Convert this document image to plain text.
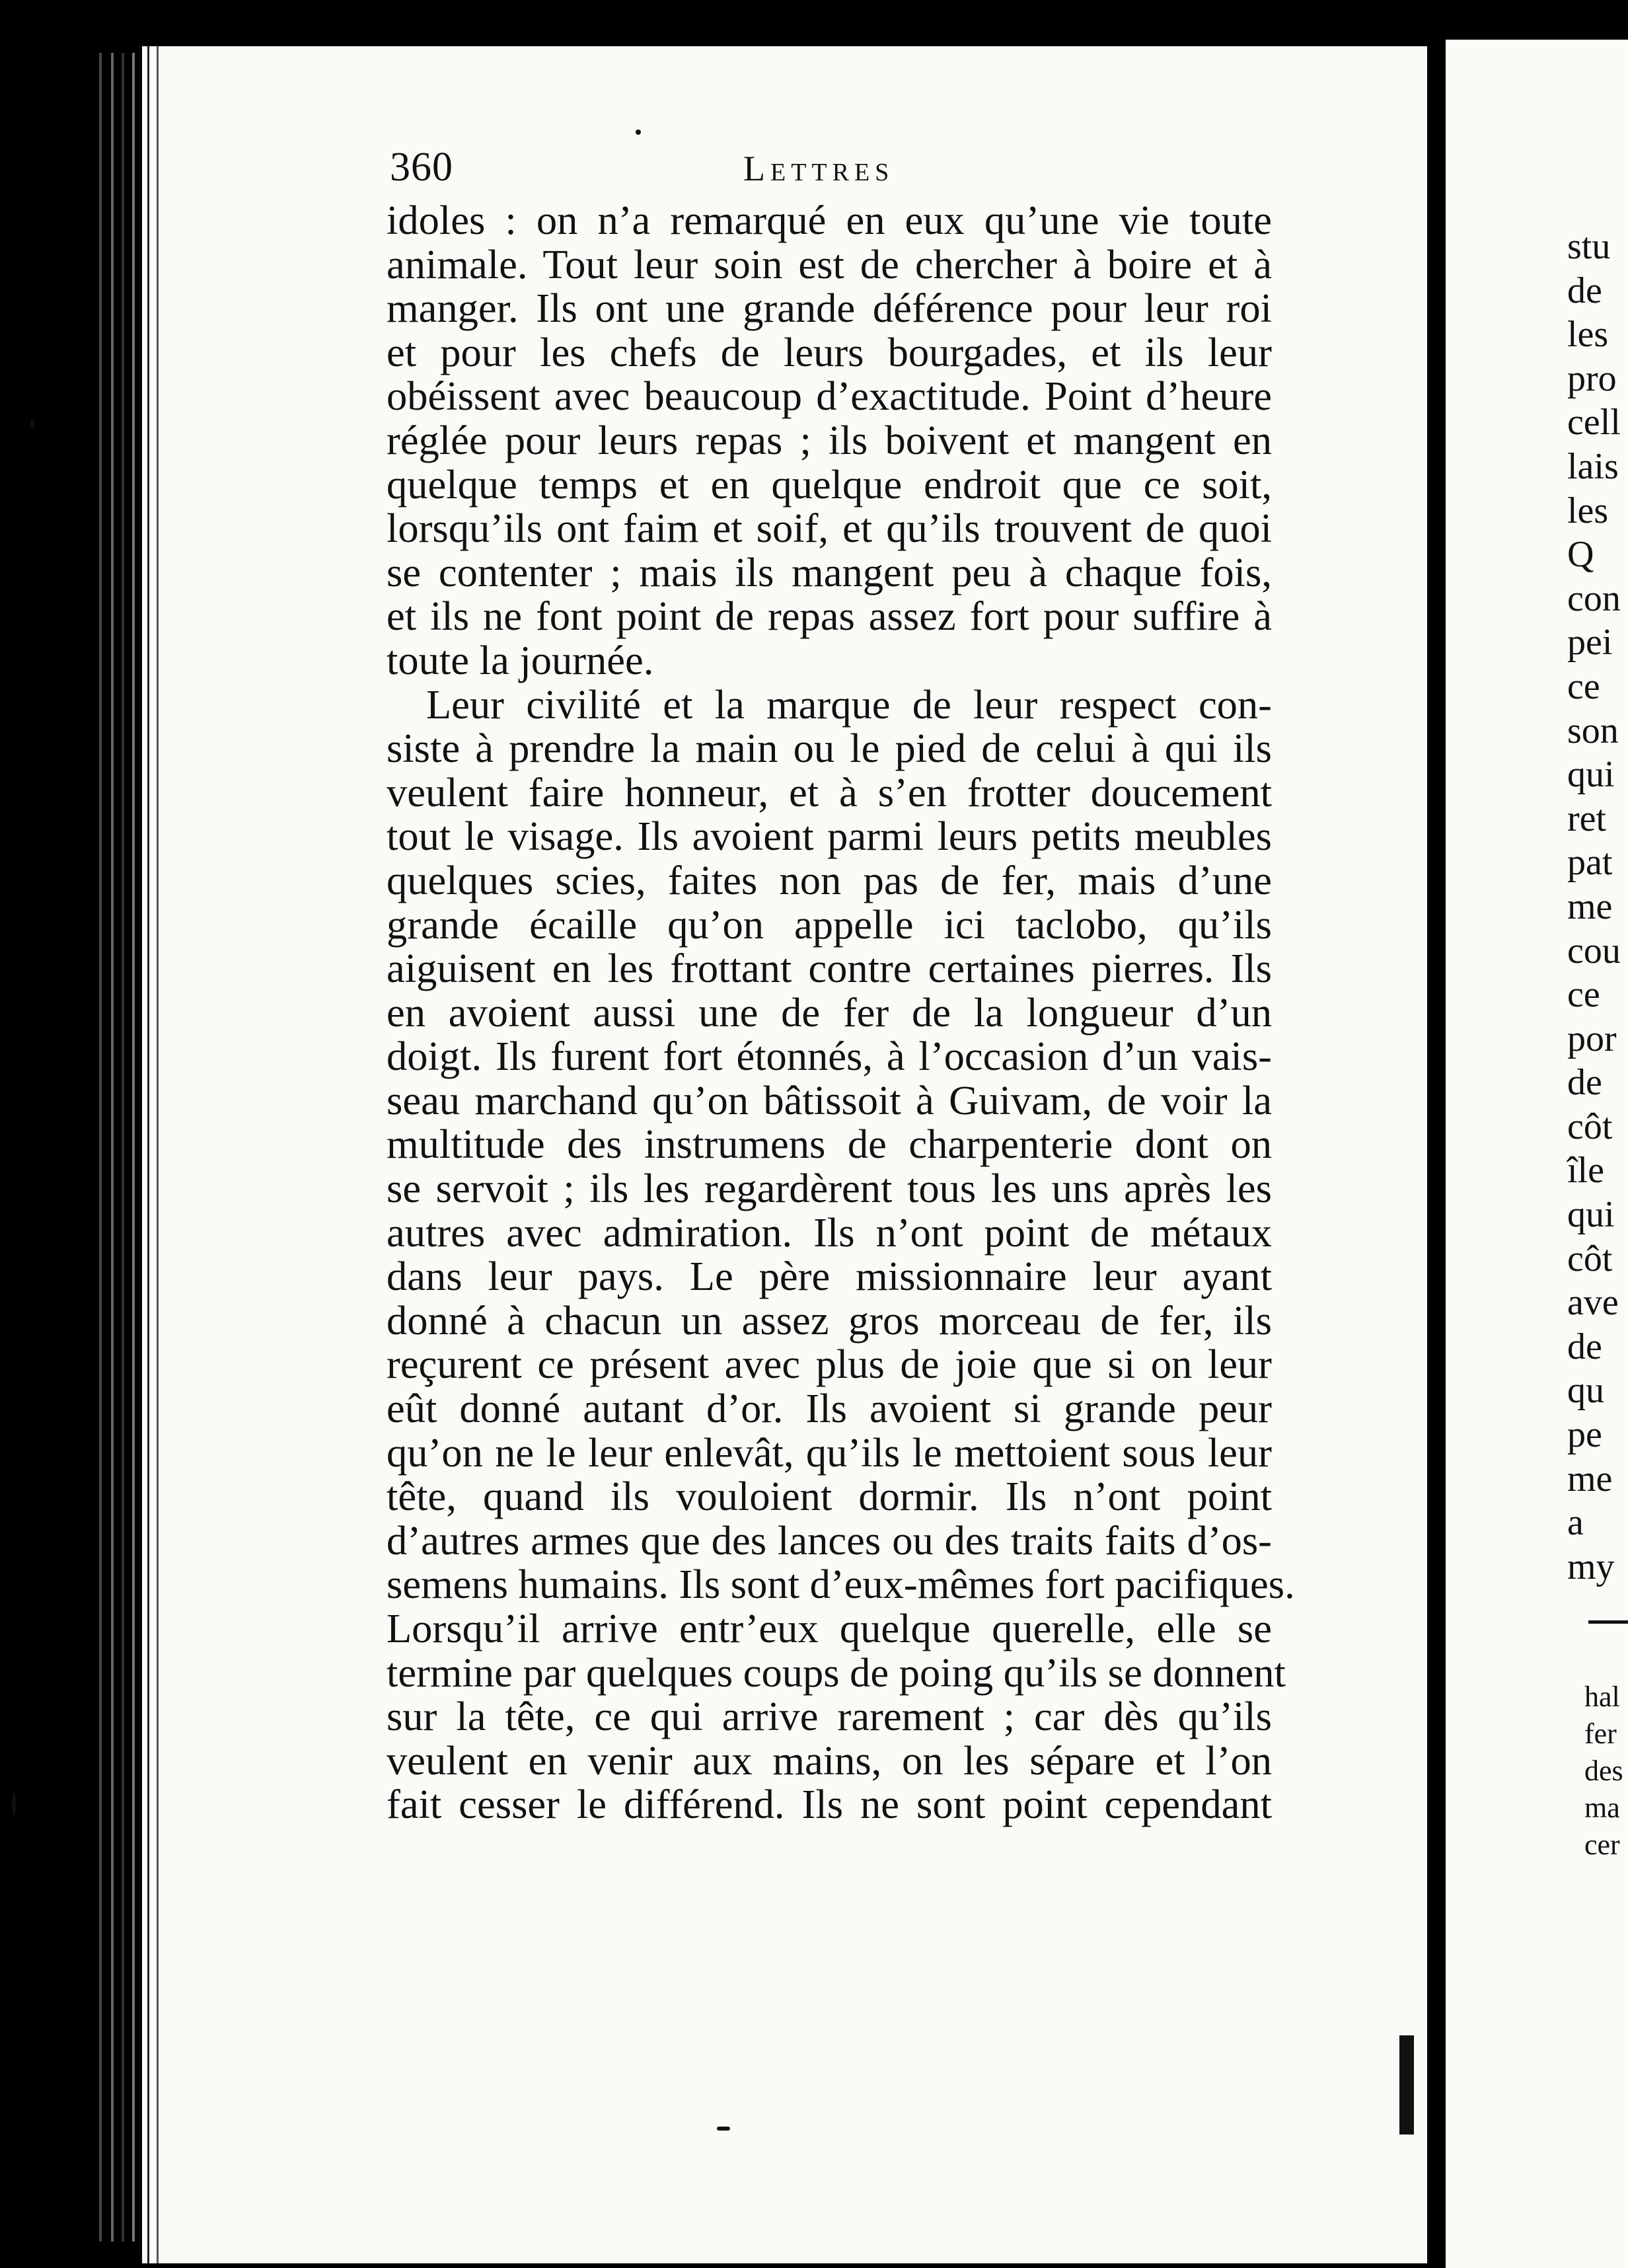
360	Lettres
idoles : on n’a remarqué en eux qu’une vie toute
animale. Tout leur soin est de chercher à boire et à
manger. Ils ont une grande déférence pour leur roi
et pour les chefs de leurs bourgades, et ils leur
obéissent avec beaucoup d’exactitude. Point d’heure
réglée pour leurs repas ; ils boivent et mangent en
quelque temps et en quelque endroit que ce soit,
lorsqu’ils ont faim et soif, et qu’ils trouvent de quoi
se contenter ; mais ils mangent peu à chaque fois,
et ils ne font point de repas assez fort pour suffire à
toute la journée.
Leur civilité et la marque de leur respect con-
siste à prendre la main ou le pied de celui à qui ils
veulent faire honneur, et à s’en frotter doucement
tout le visage. Ils avoient parmi leurs petits meubles
quelques scies, faites non pas de fer, mais d’une
grande écaille qu’on appelle ici taclobo, qu’ils
aiguisent en les frottant contre certaines pierres. Ils
en avoient aussi une de fer de la longueur d’un
doigt. Ils furent fort étonnés, à l’occasion d’un vais-
seau marchand qu’on bâtissoit à Guivam, de voir la
multitude des instrumens de charpenterie dont on
se servoit ; ils les regardèrent tous les uns après les
autres avec admiration. Ils n’ont point de métaux
dans leur pays. Le père missionnaire leur ayant
donné à chacun un assez gros morceau de fer, ils
reçurent ce présent avec plus de joie que si on leur
eût donné autant d’or. Ils avoient si grande peur
qu’on ne le leur enlevât, qu’ils le mettoient sous leur
tête, quand ils vouloient dormir. Ils n’ont point
d’autres armes que des lances ou des traits faits d’os-
semens humains. Ils sont d’eux-mêmes fort pacifiques.
Lorsqu’il arrive entr’eux quelque querelle, elle se
termine par quelques coups de poing qu’ils se donnent
sur la tête, ce qui arrive rarement ; car dès qu’ils
veulent en venir aux mains, on les sépare et l’on
fait cesser le différend. Ils ne sont point cependant
stu
de
les
pro
cell
lais
les
Q
con
pei
ce
son
qui
ret
pat
me
cou
ce
por
de
côt
île
qui
côt
ave
de
qu
pe
me
a
my
hal
fer
des
ma
cer
